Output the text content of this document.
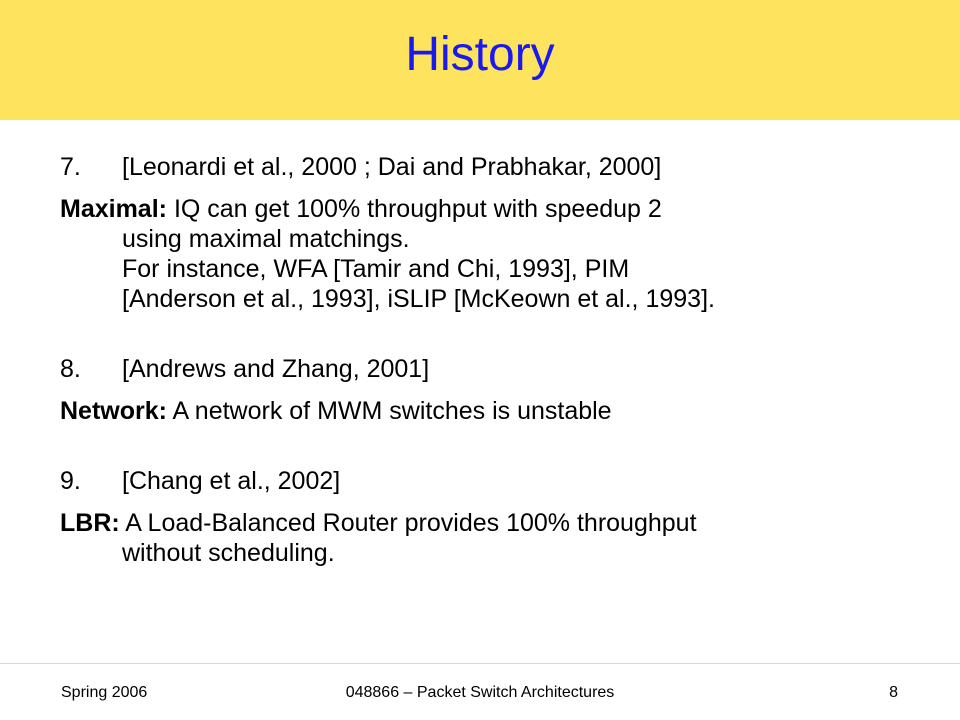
History
7.	[Leonardi et al., 2000 ; Dai and Prabhakar, 2000]
Maximal: IQ can get 100% throughput with speedup 2
using maximal matchings.
For instance, WFA [Tamir and Chi, 1993], PIM
[Anderson et al., 1993], iSLIP [McKeown et al., 1993].
8.	[Andrews and Zhang, 2001]
Network: A network of MWM switches is unstable
9.	[Chang et al., 2002]
LBR: A Load-Balanced Router provides 100% throughput
without scheduling.
Spring 2006	048866 – Packet Switch Architectures	8
